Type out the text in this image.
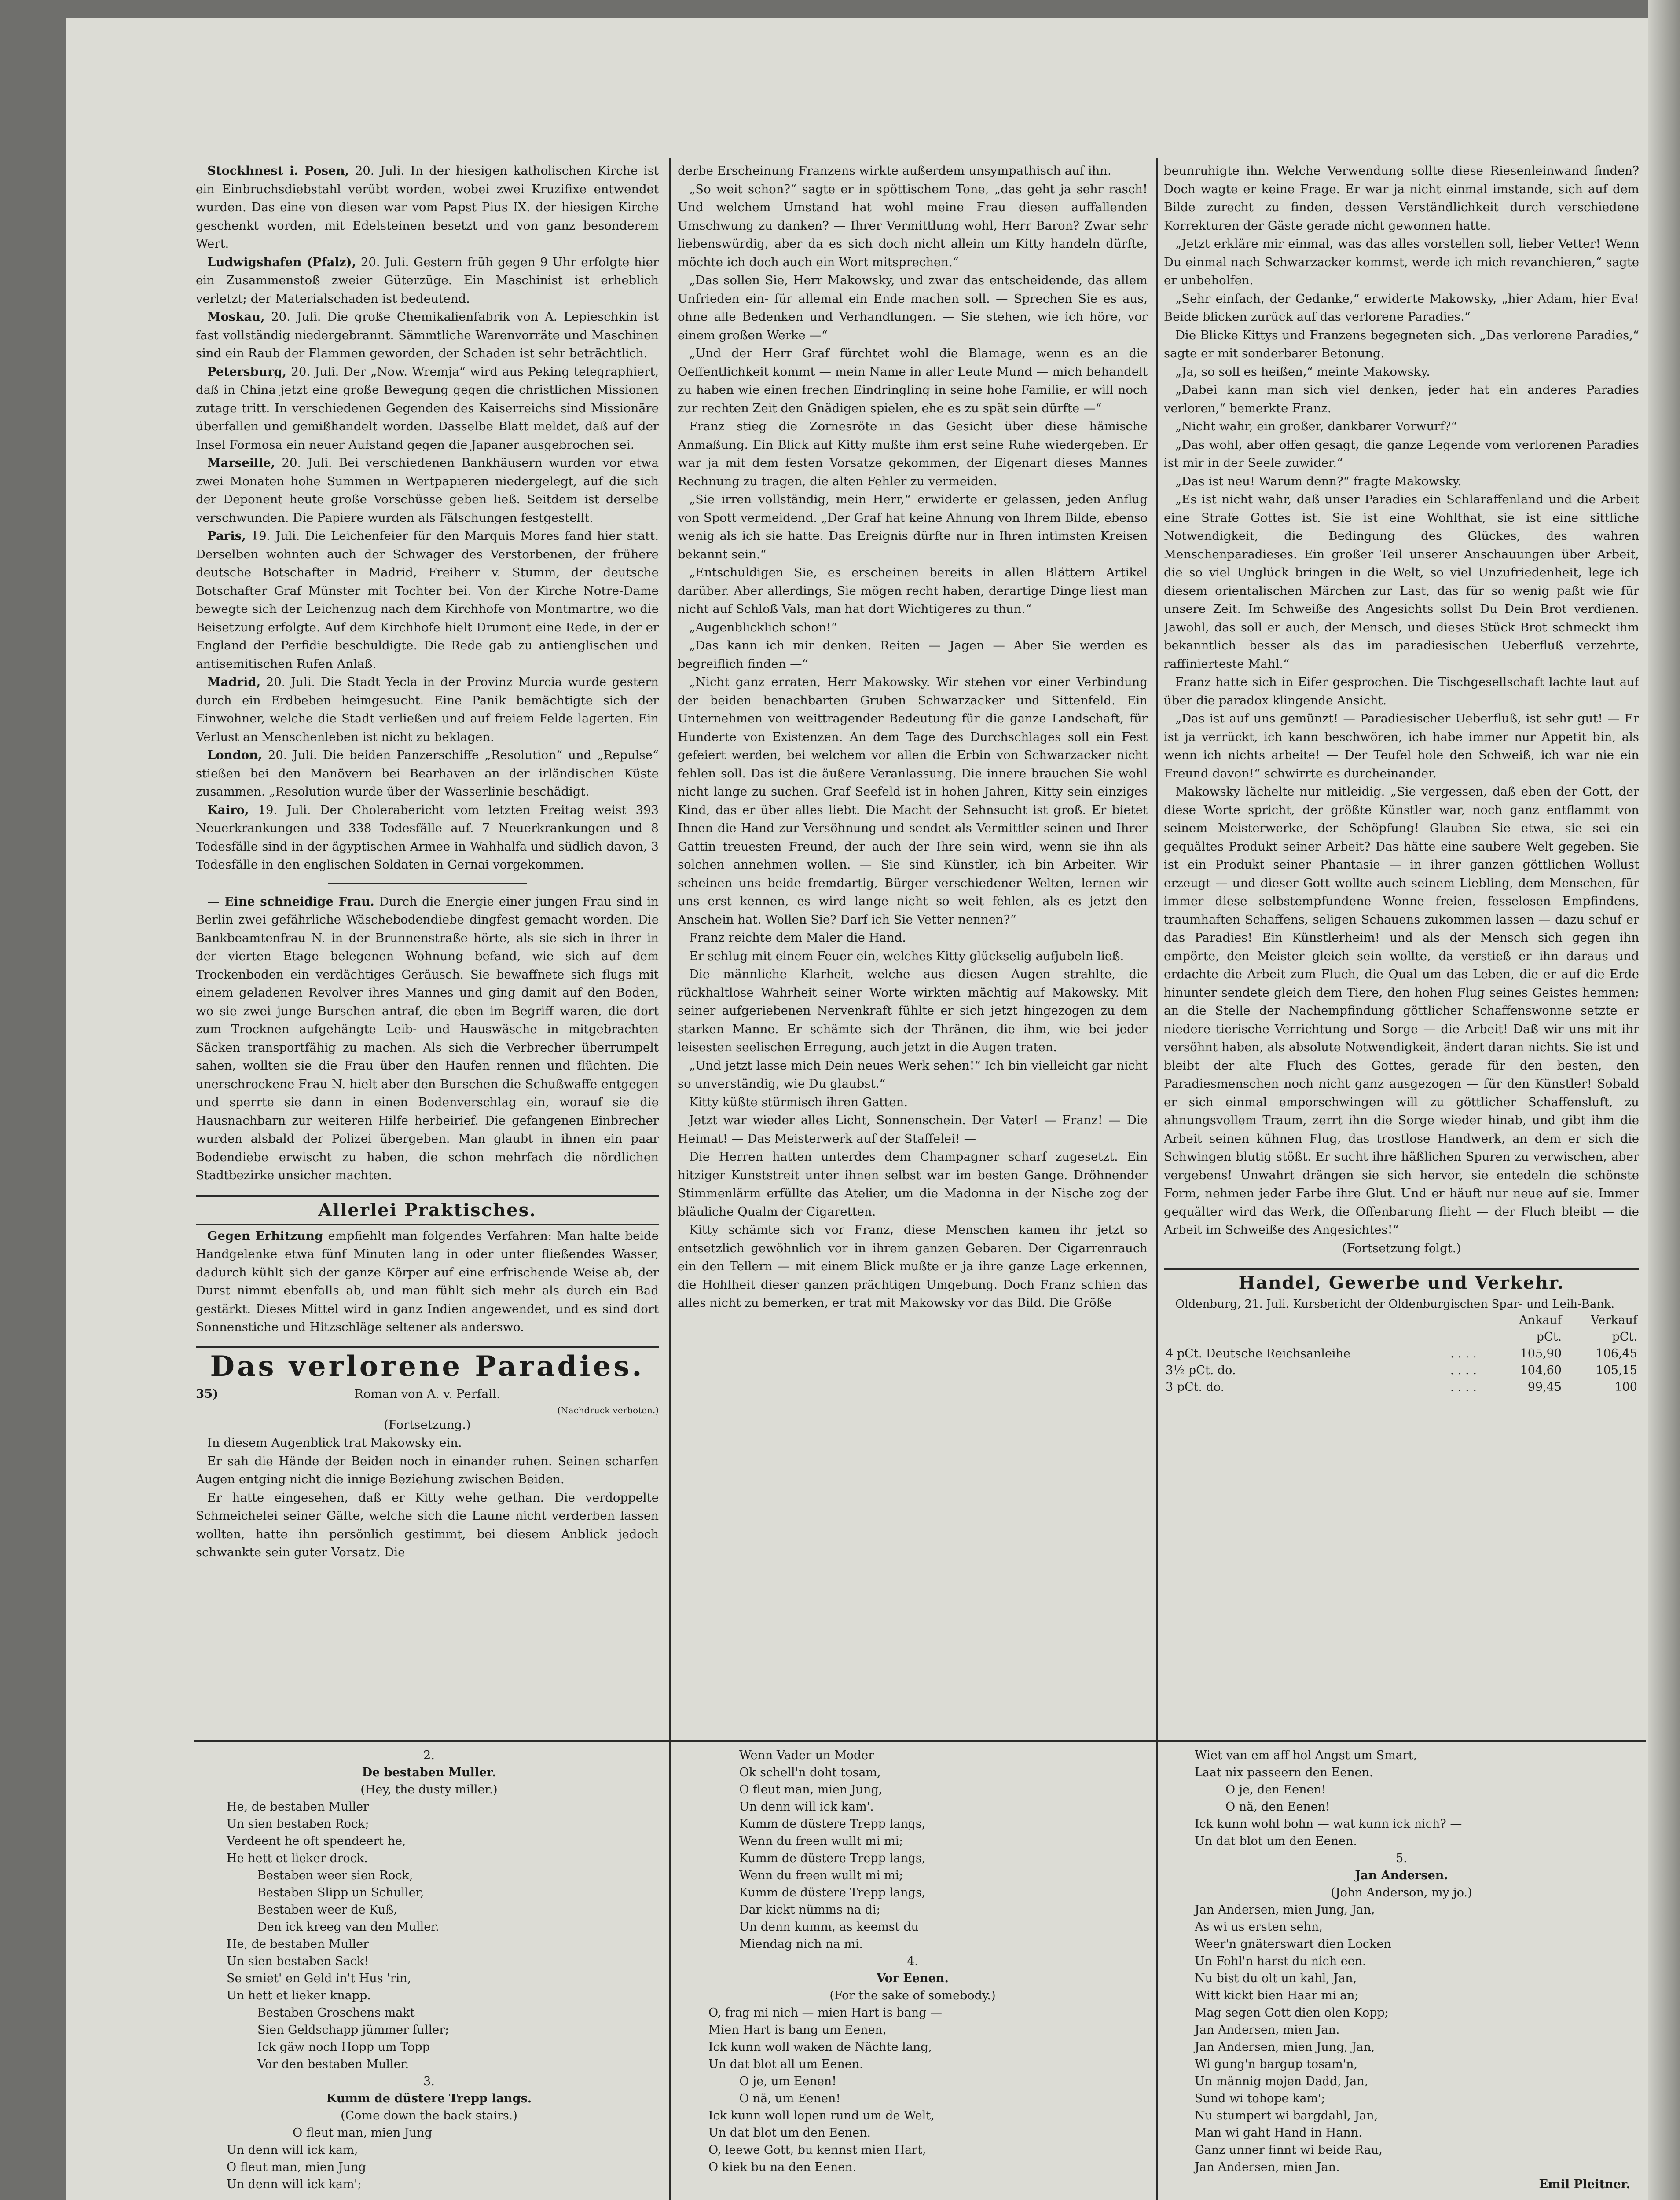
Stockhnest i. Posen, 20. Juli. In der hiesigen katholischen Kirche ist ein Einbruchsdiebstahl verübt worden, wobei zwei Kruzifixe entwendet wurden. Das eine von diesen war vom Papst Pius IX. der hiesigen Kirche geschenkt worden, mit Edelsteinen besetzt und von ganz besonderem Wert.

Ludwigshafen (Pfalz), 20. Juli. Gestern früh gegen 9 Uhr erfolgte hier ein Zusammenstoß zweier Güterzüge. Ein Maschinist ist erheblich verletzt; der Materialschaden ist bedeutend.

Moskau, 20. Juli. Die große Chemikalienfabrik von A. Lepieschkin ist fast vollständig niedergebrannt. Sämmtliche Warenvorräte und Maschinen sind ein Raub der Flammen geworden, der Schaden ist sehr beträchtlich.

Petersburg, 20. Juli. Der „Now. Wremja“ wird aus Peking telegraphiert, daß in China jetzt eine große Bewegung gegen die christlichen Missionen zutage tritt. In verschiedenen Gegenden des Kaiserreichs sind Missionäre überfallen und gemißhandelt worden. Dasselbe Blatt meldet, daß auf der Insel Formosa ein neuer Aufstand gegen die Japaner ausgebrochen sei.

Marseille, 20. Juli. Bei verschiedenen Bankhäusern wurden vor etwa zwei Monaten hohe Summen in Wertpapieren niedergelegt, auf die sich der Deponent heute große Vorschüsse geben ließ. Seitdem ist derselbe verschwunden. Die Papiere wurden als Fälschungen festgestellt.

Paris, 19. Juli. Die Leichenfeier für den Marquis Mores fand hier statt. Derselben wohnten auch der Schwager des Verstorbenen, der frühere deutsche Botschafter in Madrid, Freiherr v. Stumm, der deutsche Botschafter Graf Münster mit Tochter bei. Von der Kirche Notre-Dame bewegte sich der Leichenzug nach dem Kirchhofe von Montmartre, wo die Beisetzung erfolgte. Auf dem Kirchhofe hielt Drumont eine Rede, in der er England der Perfidie beschuldigte. Die Rede gab zu antienglischen und antisemitischen Rufen Anlaß.

Madrid, 20. Juli. Die Stadt Yecla in der Provinz Murcia wurde gestern durch ein Erdbeben heimgesucht. Eine Panik bemächtigte sich der Einwohner, welche die Stadt verließen und auf freiem Felde lagerten. Ein Verlust an Menschenleben ist nicht zu beklagen.

London, 20. Juli. Die beiden Panzerschiffe „Resolution“ und „Repulse“ stießen bei den Manövern bei Bearhaven an der irländischen Küste zusammen. „Resolution wurde über der Wasserlinie beschädigt.

Kairo, 19. Juli. Der Cholerabericht vom letzten Freitag weist 393 Neuerkrankungen und 338 Todesfälle auf. 7 Neuerkrankungen und 8 Todesfälle sind in der ägyptischen Armee in Wahhalfa und südlich davon, 3 Todesfälle in den englischen Soldaten in Gernai vorgekommen.

— Eine schneidige Frau. Durch die Energie einer jungen Frau sind in Berlin zwei gefährliche Wäschebodendiebe dingfest gemacht worden. Die Bankbeamtenfrau N. in der Brunnenstraße hörte, als sie sich in ihrer in der vierten Etage belegenen Wohnung befand, wie sich auf dem Trockenboden ein verdächtiges Geräusch. Sie bewaffnete sich flugs mit einem geladenen Revolver ihres Mannes und ging damit auf den Boden, wo sie zwei junge Burschen antraf, die eben im Begriff waren, die dort zum Trocknen aufgehängte Leib- und Hauswäsche in mitgebrachten Säcken transportfähig zu machen. Als sich die Verbrecher überrumpelt sahen, wollten sie die Frau über den Haufen rennen und flüchten. Die unerschrockene Frau N. hielt aber den Burschen die Schußwaffe entgegen und sperrte sie dann in einen Bodenverschlag ein, worauf sie die Hausnachbarn zur weiteren Hilfe herbeirief. Die gefangenen Einbrecher wurden alsbald der Polizei übergeben. Man glaubt in ihnen ein paar Bodendiebe erwischt zu haben, die schon mehrfach die nördlichen Stadtbezirke unsicher machten.

Allerlei Praktisches.

Gegen Erhitzung empfiehlt man folgendes Verfahren: Man halte beide Handgelenke etwa fünf Minuten lang in oder unter fließendes Wasser, dadurch kühlt sich der ganze Körper auf eine erfrischende Weise ab, der Durst nimmt ebenfalls ab, und man fühlt sich mehr als durch ein Bad gestärkt. Dieses Mittel wird in ganz Indien angewendet, und es sind dort Sonnenstiche und Hitzschläge seltener als anderswo.

Das verlorene Paradies.
35)	Roman von A. v. Perfall.
(Nachdruck verboten.)
(Fortsetzung.)

In diesem Augenblick trat Makowsky ein.

Er sah die Hände der Beiden noch in einander ruhen. Seinen scharfen Augen entging nicht die innige Beziehung zwischen Beiden.

Er hatte eingesehen, daß er Kitty wehe gethan. Die verdoppelte Schmeichelei seiner Gäfte, welche sich die Laune nicht verderben lassen wollten, hatte ihn persönlich gestimmt, bei diesem Anblick jedoch schwankte sein guter Vorsatz. Die

derbe Erscheinung Franzens wirkte außerdem unsympathisch auf ihn.

„So weit schon?“ sagte er in spöttischem Tone, „das geht ja sehr rasch! Und welchem Umstand hat wohl meine Frau diesen auffallenden Umschwung zu danken? — Ihrer Vermittlung wohl, Herr Baron? Zwar sehr liebenswürdig, aber da es sich doch nicht allein um Kitty handeln dürfte, möchte ich doch auch ein Wort mitsprechen.“

„Das sollen Sie, Herr Makowsky, und zwar das entscheidende, das allem Unfrieden ein- für allemal ein Ende machen soll. — Sprechen Sie es aus, ohne alle Bedenken und Verhandlungen. — Sie stehen, wie ich höre, vor einem großen Werke —“

„Und der Herr Graf fürchtet wohl die Blamage, wenn es an die Oeffentlichkeit kommt — mein Name in aller Leute Mund — mich behandelt zu haben wie einen frechen Eindringling in seine hohe Familie, er will noch zur rechten Zeit den Gnädigen spielen, ehe es zu spät sein dürfte —“

Franz stieg die Zornesröte in das Gesicht über diese hämische Anmaßung. Ein Blick auf Kitty mußte ihm erst seine Ruhe wiedergeben. Er war ja mit dem festen Vorsatze gekommen, der Eigenart dieses Mannes Rechnung zu tragen, die alten Fehler zu vermeiden.

„Sie irren vollständig, mein Herr,“ erwiderte er gelassen, jeden Anflug von Spott vermeidend. „Der Graf hat keine Ahnung von Ihrem Bilde, ebenso wenig als ich sie hatte. Das Ereignis dürfte nur in Ihren intimsten Kreisen bekannt sein.“

„Entschuldigen Sie, es erscheinen bereits in allen Blättern Artikel darüber. Aber allerdings, Sie mögen recht haben, derartige Dinge liest man nicht auf Schloß Vals, man hat dort Wichtigeres zu thun.“

„Augenblicklich schon!“

„Das kann ich mir denken. Reiten — Jagen — Aber Sie werden es begreiflich finden —“

„Nicht ganz erraten, Herr Makowsky. Wir stehen vor einer Verbindung der beiden benachbarten Gruben Schwarzacker und Sittenfeld. Ein Unternehmen von weittragender Bedeutung für die ganze Landschaft, für Hunderte von Existenzen. An dem Tage des Durchschlages soll ein Fest gefeiert werden, bei welchem vor allen die Erbin von Schwarzacker nicht fehlen soll. Das ist die äußere Veranlassung. Die innere brauchen Sie wohl nicht lange zu suchen. Graf Seefeld ist in hohen Jahren, Kitty sein einziges Kind, das er über alles liebt. Die Macht der Sehnsucht ist groß. Er bietet Ihnen die Hand zur Versöhnung und sendet als Vermittler seinen und Ihrer Gattin treuesten Freund, der auch der Ihre sein wird, wenn sie ihn als solchen annehmen wollen. — Sie sind Künstler, ich bin Arbeiter. Wir scheinen uns beide fremdartig, Bürger verschiedener Welten, lernen wir uns erst kennen, es wird lange nicht so weit fehlen, als es jetzt den Anschein hat. Wollen Sie? Darf ich Sie Vetter nennen?“

Franz reichte dem Maler die Hand.

Er schlug mit einem Feuer ein, welches Kitty glückselig aufjubeln ließ.

Die männliche Klarheit, welche aus diesen Augen strahlte, die rückhaltlose Wahrheit seiner Worte wirkten mächtig auf Makowsky. Mit seiner aufgeriebenen Nervenkraft fühlte er sich jetzt hingezogen zu dem starken Manne. Er schämte sich der Thränen, die ihm, wie bei jeder leisesten seelischen Erregung, auch jetzt in die Augen traten.

„Und jetzt lasse mich Dein neues Werk sehen!“ Ich bin vielleicht gar nicht so unverständig, wie Du glaubst.“

Kitty küßte stürmisch ihren Gatten.

Jetzt war wieder alles Licht, Sonnenschein. Der Vater! — Franz! — Die Heimat! — Das Meisterwerk auf der Staffelei! —

Die Herren hatten unterdes dem Champagner scharf zugesetzt. Ein hitziger Kunststreit unter ihnen selbst war im besten Gange. Dröhnender Stimmenlärm erfüllte das Atelier, um die Madonna in der Nische zog der bläuliche Qualm der Cigaretten.

Kitty schämte sich vor Franz, diese Menschen kamen ihr jetzt so entsetzlich gewöhnlich vor in ihrem ganzen Gebaren. Der Cigarrenrauch ein den Tellern — mit einem Blick mußte er ja ihre ganze Lage erkennen, die Hohlheit dieser ganzen prächtigen Umgebung. Doch Franz schien das alles nicht zu bemerken, er trat mit Makowsky vor das Bild. Die Größe

beunruhigte ihn. Welche Verwendung sollte diese Riesenleinwand finden? Doch wagte er keine Frage. Er war ja nicht einmal imstande, sich auf dem Bilde zurecht zu finden, dessen Verständlichkeit durch verschiedene Korrekturen der Gäste gerade nicht gewonnen hatte.

„Jetzt erkläre mir einmal, was das alles vorstellen soll, lieber Vetter! Wenn Du einmal nach Schwarzacker kommst, werde ich mich revanchieren,“ sagte er unbeholfen.

„Sehr einfach, der Gedanke,“ erwiderte Makowsky, „hier Adam, hier Eva! Beide blicken zurück auf das verlorene Paradies.“

Die Blicke Kittys und Franzens begegneten sich. „Das verlorene Paradies,“ sagte er mit sonderbarer Betonung.

„Ja, so soll es heißen,“ meinte Makowsky.

„Dabei kann man sich viel denken, jeder hat ein anderes Paradies verloren,“ bemerkte Franz.

„Nicht wahr, ein großer, dankbarer Vorwurf?“

„Das wohl, aber offen gesagt, die ganze Legende vom verlorenen Paradies ist mir in der Seele zuwider.“

„Das ist neu! Warum denn?“ fragte Makowsky.

„Es ist nicht wahr, daß unser Paradies ein Schlaraffenland und die Arbeit eine Strafe Gottes ist. Sie ist eine Wohlthat, sie ist eine sittliche Notwendigkeit, die Bedingung des Glückes, des wahren Menschenparadieses. Ein großer Teil unserer Anschauungen über Arbeit, die so viel Unglück bringen in die Welt, so viel Unzufriedenheit, lege ich diesem orientalischen Märchen zur Last, das für so wenig paßt wie für unsere Zeit. Im Schweiße des Angesichts sollst Du Dein Brot verdienen. Jawohl, das soll er auch, der Mensch, und dieses Stück Brot schmeckt ihm bekanntlich besser als das im paradiesischen Ueberfluß verzehrte, raffinierteste Mahl.“

Franz hatte sich in Eifer gesprochen. Die Tischgesellschaft lachte laut auf über die paradox klingende Ansicht.

„Das ist auf uns gemünzt! — Paradiesischer Ueberfluß, ist sehr gut! — Er ist ja verrückt, ich kann beschwören, ich habe immer nur Appetit bin, als wenn ich nichts arbeite! — Der Teufel hole den Schweiß, ich war nie ein Freund davon!“ schwirrte es durcheinander.

Makowsky lächelte nur mitleidig. „Sie vergessen, daß eben der Gott, der diese Worte spricht, der größte Künstler war, noch ganz entflammt von seinem Meisterwerke, der Schöpfung! Glauben Sie etwa, sie sei ein gequältes Produkt seiner Arbeit? Das hätte eine saubere Welt gegeben. Sie ist ein Produkt seiner Phantasie — in ihrer ganzen göttlichen Wollust erzeugt — und dieser Gott wollte auch seinem Liebling, dem Menschen, für immer diese selbstempfundene Wonne freien, fesselosen Empfindens, traumhaften Schaffens, seligen Schauens zukommen lassen — dazu schuf er das Paradies! Ein Künstlerheim! und als der Mensch sich gegen ihn empörte, den Meister gleich sein wollte, da verstieß er ihn daraus und erdachte die Arbeit zum Fluch, die Qual um das Leben, die er auf die Erde hinunter sendete gleich dem Tiere, den hohen Flug seines Geistes hemmen; an die Stelle der Nachempfindung göttlicher Schaffenswonne setzte er niedere tierische Verrichtung und Sorge — die Arbeit! Daß wir uns mit ihr versöhnt haben, als absolute Notwendigkeit, ändert daran nichts. Sie ist und bleibt der alte Fluch des Gottes, gerade für den besten, den Paradiesmenschen noch nicht ganz ausgezogen — für den Künstler! Sobald er sich einmal emporschwingen will zu göttlicher Schaffensluft, zu ahnungsvollem Traum, zerrt ihn die Sorge wieder hinab, und gibt ihm die Arbeit seinen kühnen Flug, das trostlose Handwerk, an dem er sich die Schwingen blutig stößt. Er sucht ihre häßlichen Spuren zu verwischen, aber vergebens! Unwahrt drängen sie sich hervor, sie entedeln die schönste Form, nehmen jeder Farbe ihre Glut. Und er häuft nur neue auf sie. Immer gequälter wird das Werk, die Offenbarung flieht — der Fluch bleibt — die Arbeit im Schweiße des Angesichtes!“

(Fortsetzung folgt.)
Handel, Gewerbe und Verkehr.

Oldenburg, 21. Juli. Kursbericht der Oldenburgischen Spar- und Leih-Bank.

		Ankauf	Verkauf
		pCt.	pCt.
4 pCt. Deutsche Reichsanleihe	. . . .	105,90	106,45
3½ pCt. do.	. . . .	104,60	105,15
3 pCt. do.	. . . .	99,45	100
2.
De bestaben Muller.
(Hey, the dusty miller.)
He, de bestaben Muller
Un sien bestaben Rock;
Verdeent he oft spendeert he,
He hett et lieker drock.
Bestaben weer sien Rock,
Bestaben Slipp un Schuller,
Bestaben weer de Kuß,
Den ick kreeg van den Muller.
He, de bestaben Muller
Un sien bestaben Sack!
Se smiet' en Geld in't Hus 'rin,
Un hett et lieker knapp.
Bestaben Groschens makt
Sien Geldschapp jümmer fuller;
Ick gäw noch Hopp um Topp
Vor den bestaben Muller.
3.
Kumm de düstere Trepp langs.
(Come down the back stairs.)
O fleut man, mien Jung
Un denn will ick kam,
O fleut man, mien Jung
Un denn will ick kam';
Wenn Vader un Moder
Ok schell'n doht tosam,
O fleut man, mien Jung,
Un denn will ick kam'.
Kumm de düstere Trepp langs,
Wenn du freen wullt mi mi;
Kumm de düstere Trepp langs,
Wenn du freen wullt mi mi;
Kumm de düstere Trepp langs,
Dar kickt nümms na di;
Un denn kumm, as keemst du
Miendag nich na mi.
4.
Vor Eenen.
(For the sake of somebody.)
O, frag mi nich — mien Hart is bang —
Mien Hart is bang um Eenen,
Ick kunn woll waken de Nächte lang,
Un dat blot all um Eenen.
O je, um Eenen!
O nä, um Eenen!
Ick kunn woll lopen rund um de Welt,
Un dat blot um den Eenen.
O, leewe Gott, bu kennst mien Hart,
O kiek bu na den Eenen.
Wiet van em aff hol Angst um Smart,
Laat nix passeern den Eenen.
O je, den Eenen!
O nä, den Eenen!
Ick kunn wohl bohn — wat kunn ick nich? —
Un dat blot um den Eenen.
5.
Jan Andersen.
(John Anderson, my jo.)
Jan Andersen, mien Jung, Jan,
As wi us ersten sehn,
Weer'n gnäterswart dien Locken
Un Fohl'n harst du nich een.
Nu bist du olt un kahl, Jan,
Witt kickt bien Haar mi an;
Mag segen Gott dien olen Kopp;
Jan Andersen, mien Jan.
Jan Andersen, mien Jung, Jan,
Wi gung'n bargup tosam'n,
Un männig mojen Dadd, Jan,
Sund wi tohope kam';
Nu stumpert wi bargdahl, Jan,
Man wi gaht Hand in Hann.
Ganz unner finnt wi beide Rau,
Jan Andersen, mien Jan.
Emil Pleitner.
